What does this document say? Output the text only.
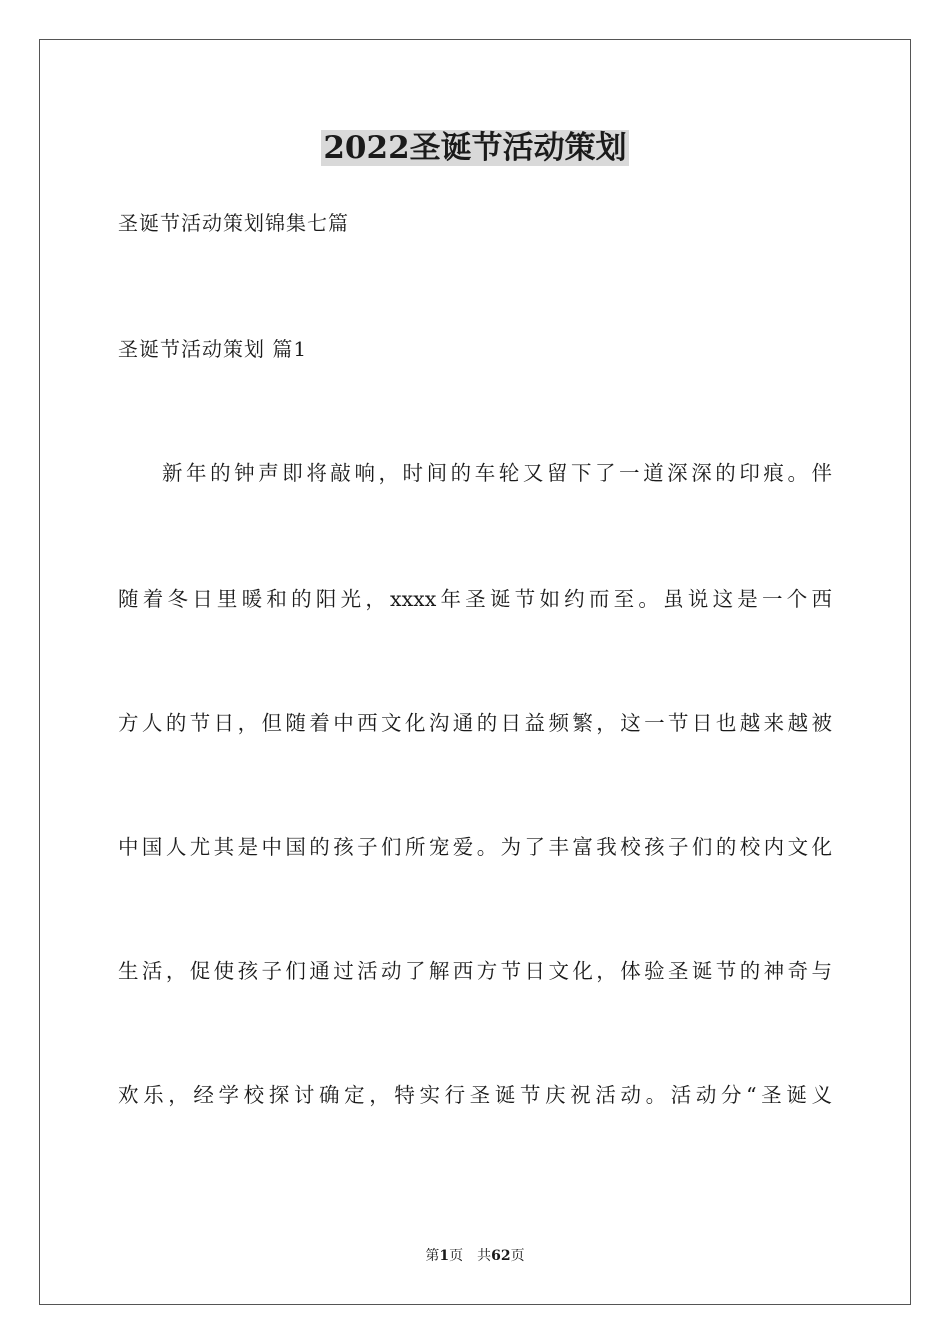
2022圣诞节活动策划

圣诞节活动策划锦集七篇

圣诞节活动策划 篇1

新年的钟声即将敲响，时间的车轮又留下了一道深深的印痕。伴

随着冬日里暖和的阳光，xxxx年圣诞节如约而至。虽说这是一个西

方人的节日，但随着中西文化沟通的日益频繁，这一节日也越来越被

中国人尤其是中国的孩子们所宠爱。为了丰富我校孩子们的校内文化

生活，促使孩子们通过活动了解西方节日文化，体验圣诞节的神奇与

欢乐，经学校探讨确定，特实行圣诞节庆祝活动。活动分“圣诞义

第1页 共62页
